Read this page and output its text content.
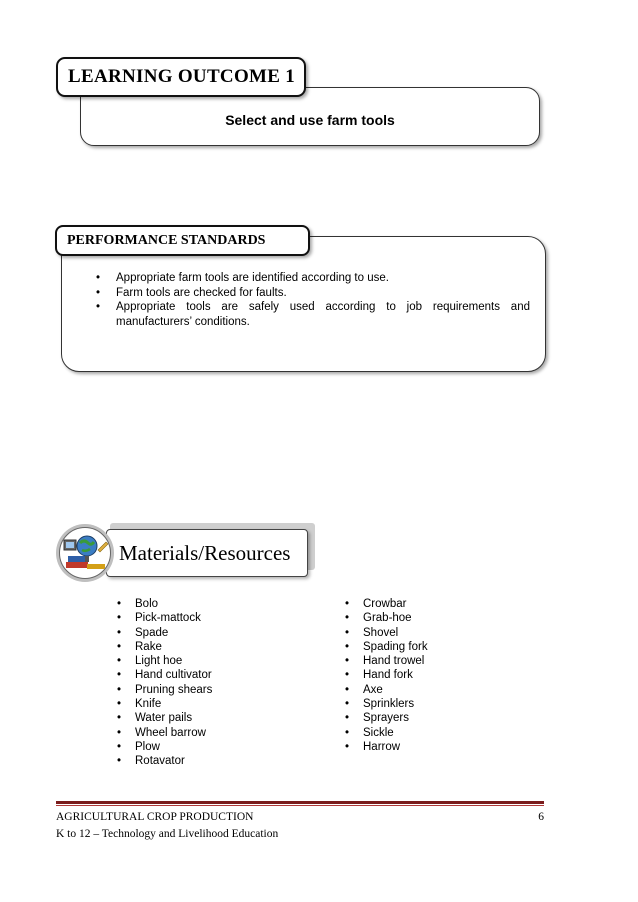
Select and use farm tools
LEARNING OUTCOME 1
PERFORMANCE STANDARDS
• Appropriate farm tools are identified according to use.
• Farm tools are checked for faults.
• Appropriate tools are safely used according to job requirements and manufacturers’ conditions.
Materials/Resources
• Bolo
• Pick-mattock
• Spade
• Rake
• Light hoe
• Hand cultivator
• Pruning shears
• Knife
• Water pails
• Wheel barrow
• Plow
• Rotavator
• Crowbar
• Grab-hoe
• Shovel
• Spading fork
• Hand trowel
• Hand fork
• Axe
• Sprinklers
• Sprayers
• Sickle
• Harrow
AGRICULTURAL CROP PRODUCTION	6
K to 12 – Technology and Livelihood Education
